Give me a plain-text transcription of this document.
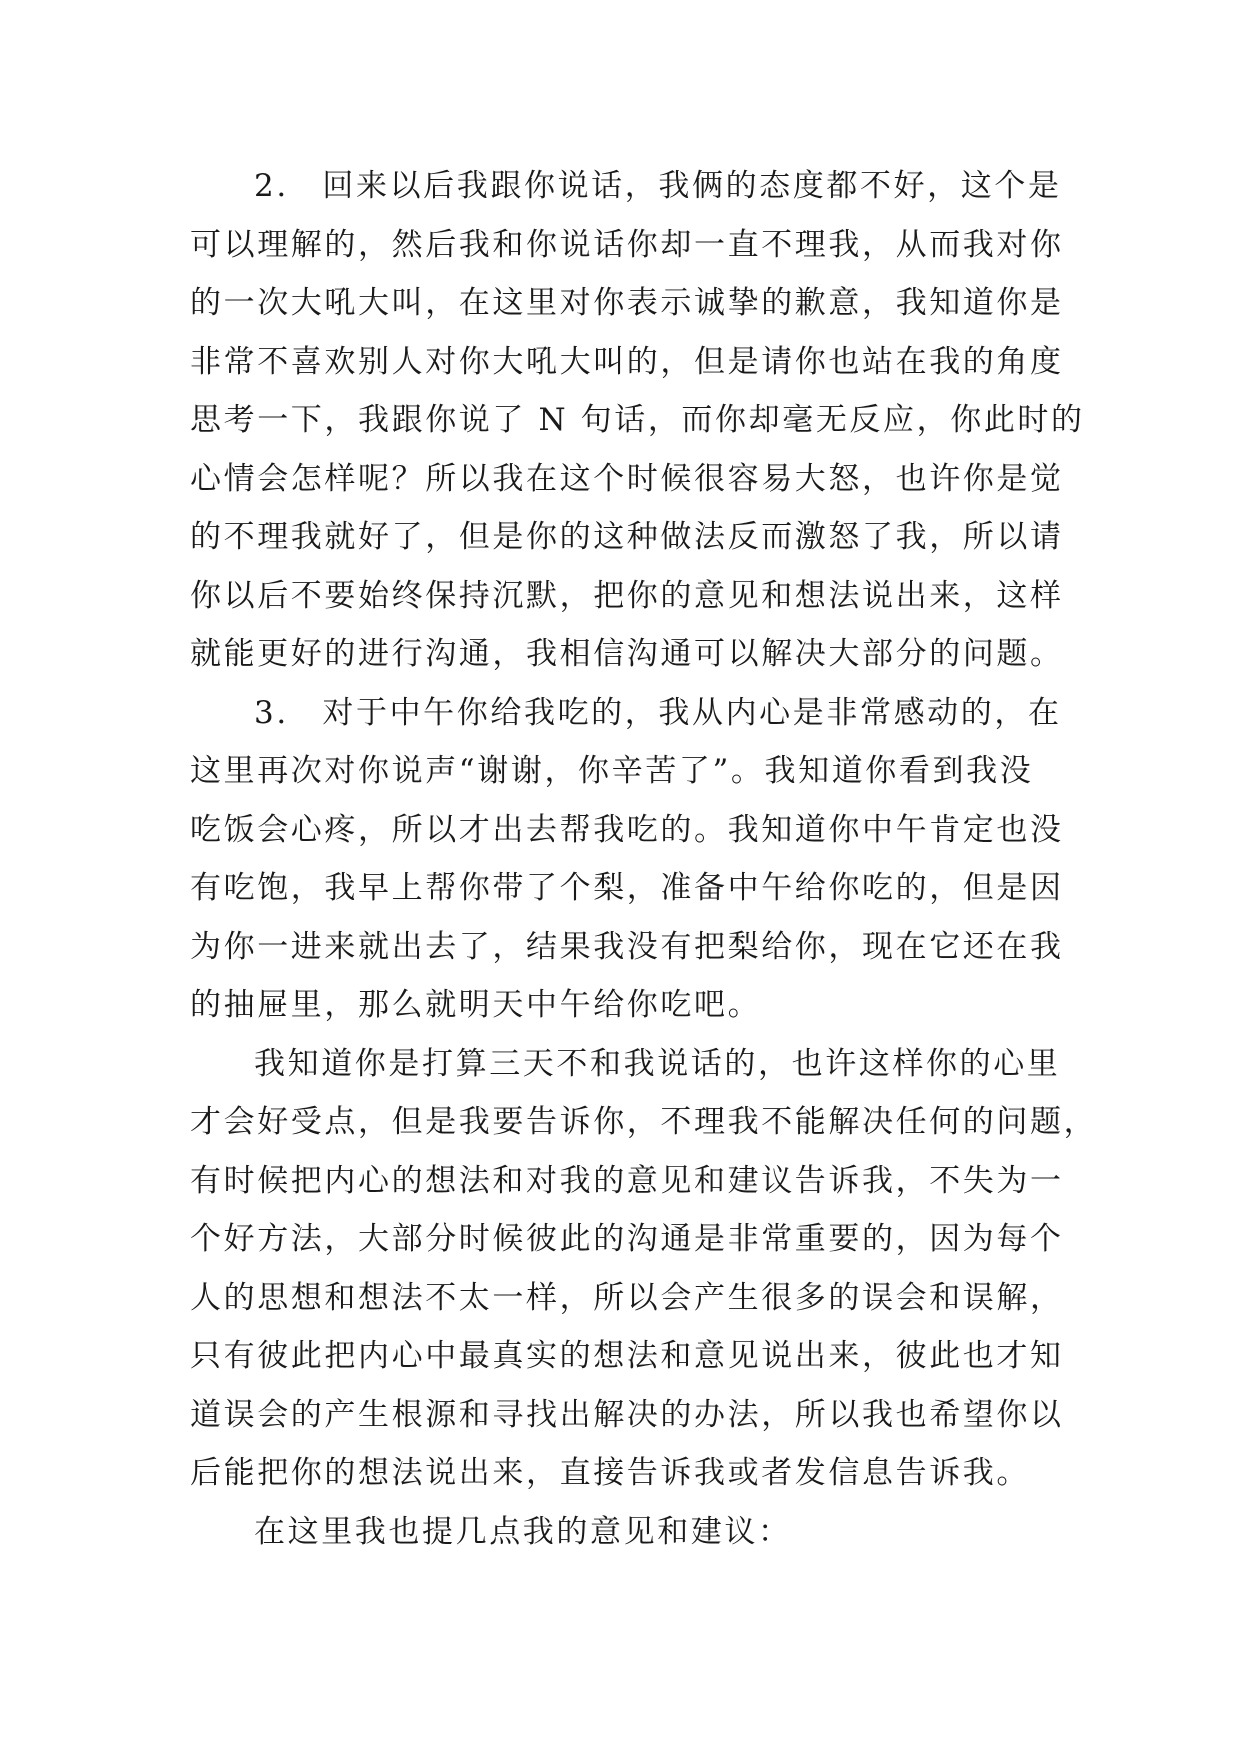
2.　回来以后我跟你说话，我俩的态度都不好，这个是
可以理解的，然后我和你说话你却一直不理我，从而我对你
的一次大吼大叫，在这里对你表示诚挚的歉意，我知道你是
非常不喜欢别人对你大吼大叫的，但是请你也站在我的角度
思考一下，我跟你说了 N 句话，而你却毫无反应，你此时的
心情会怎样呢？所以我在这个时候很容易大怒，也许你是觉
的不理我就好了，但是你的这种做法反而激怒了我，所以请
你以后不要始终保持沉默，把你的意见和想法说出来，这样
就能更好的进行沟通，我相信沟通可以解决大部分的问题。
3.　对于中午你给我吃的，我从内心是非常感动的，在
这里再次对你说声“谢谢，你辛苦了”。我知道你看到我没
吃饭会心疼，所以才出去帮我吃的。我知道你中午肯定也没
有吃饱，我早上帮你带了个梨，准备中午给你吃的，但是因
为你一进来就出去了，结果我没有把梨给你，现在它还在我
的抽屉里，那么就明天中午给你吃吧。
我知道你是打算三天不和我说话的，也许这样你的心里
才会好受点，但是我要告诉你，不理我不能解决任何的问题，
有时候把内心的想法和对我的意见和建议告诉我，不失为一
个好方法，大部分时候彼此的沟通是非常重要的，因为每个
人的思想和想法不太一样，所以会产生很多的误会和误解，
只有彼此把内心中最真实的想法和意见说出来，彼此也才知
道误会的产生根源和寻找出解决的办法，所以我也希望你以
后能把你的想法说出来，直接告诉我或者发信息告诉我。
在这里我也提几点我的意见和建议：
